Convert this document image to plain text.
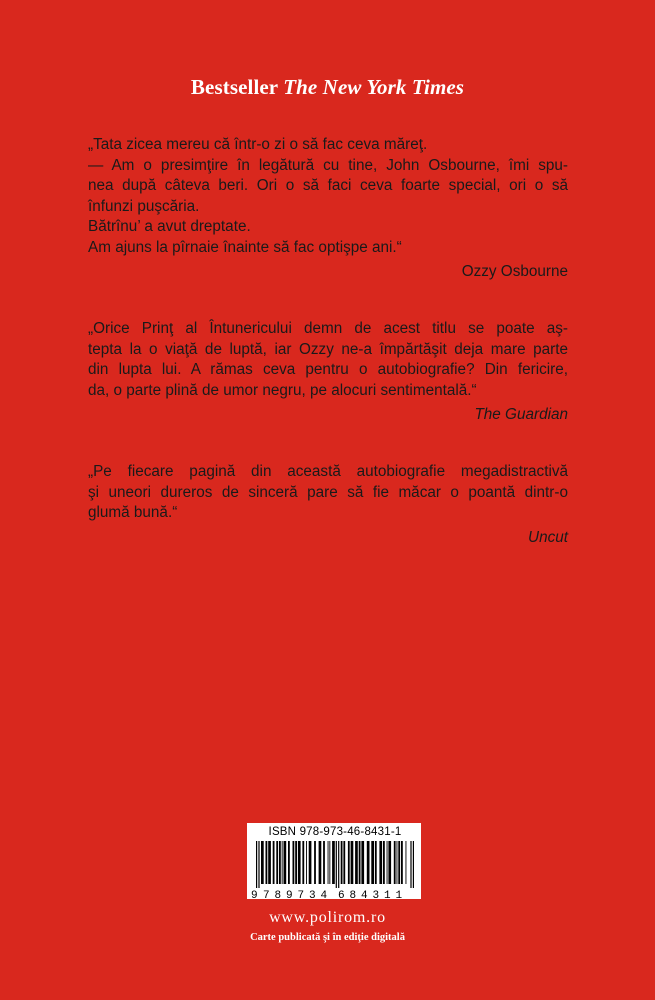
Bestseller The New York Times
„Tata zicea mereu că într-o zi o să fac ceva măreţ.
— Am o presimţire în legătură cu tine, John Osbourne, îmi spu-
nea după câteva beri. Ori o să faci ceva foarte special, ori o să
înfunzi puşcăria.
Bătrînu’ a avut dreptate.
Am ajuns la pîrnaie înainte să fac optişpe ani.“
Ozzy Osbourne
„Orice Prinţ al Întunericului demn de acest titlu se poate aş-
tepta la o viaţă de luptă, iar Ozzy ne-a împărtăşit deja mare parte
din lupta lui. A rămas ceva pentru o autobiografie? Din fericire,
da, o parte plină de umor negru, pe alocuri sentimentală.“
The Guardian
„Pe fiecare pagină din această autobiografie megadistractivă
şi uneori dureros de sinceră pare să fie măcar o poantă dintr-o
glumă bună.“
Uncut
ISBN 978-973-46-8431-1
9 7 8 9 7 3 4 6 8 4 3 1 1
www.polirom.ro
Carte publicată şi în ediţie digitală
